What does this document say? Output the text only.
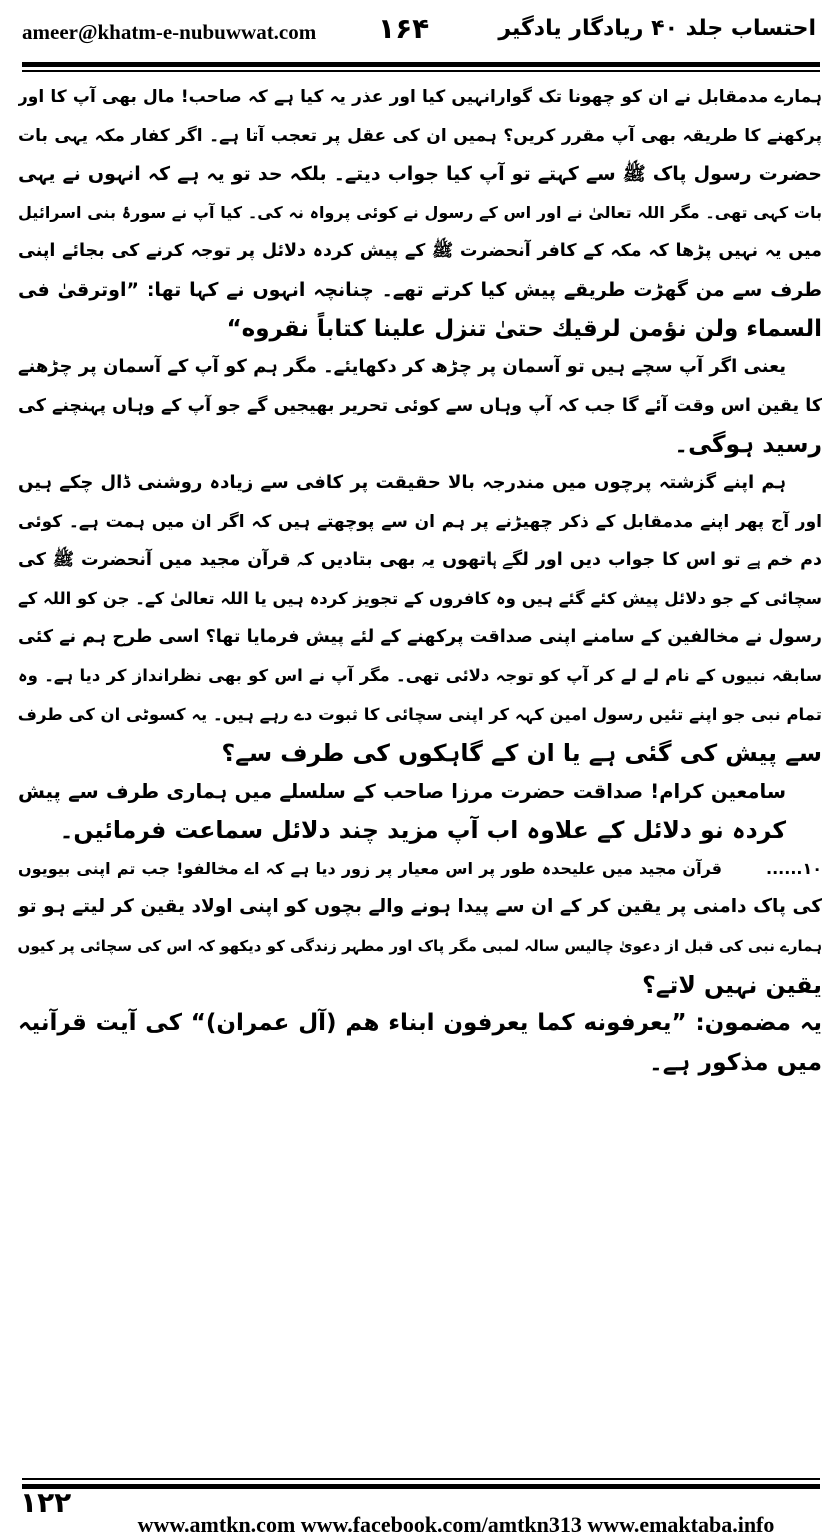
ameer@khatm-e-nubuwwat.com ۱۶۴	احتساب جلد ۴۰ ریادگار یادگیر
ہمارے مدمقابل نے ان کو چھونا تک گوارانہیں کیا اور عذر یہ کیا ہے کہ صاحب! مال بھی آپ کا اور
پرکھنے کا طریقہ بھی آپ مقرر کریں؟ ہمیں ان کی عقل پر تعجب آتا ہے۔ اگر کفار مکہ یہی بات
حضرت رسول پاک ﷺ سے کہتے تو آپ کیا جواب دیتے۔ بلکہ حد تو یہ ہے کہ انہوں نے یہی
بات کہی تھی۔ مگر اللہ تعالیٰ نے اور اس کے رسول نے کوئی پرواہ نہ کی۔ کیا آپ نے سورۂ بنی اسرائیل
میں یہ نہیں پڑھا کہ مکہ کے کافر آنحضرت ﷺ کے پیش کردہ دلائل پر توجہ کرنے کی بجائے اپنی
طرف سے من گھڑت طریقے پیش کیا کرتے تھے۔ چنانچہ انہوں نے کہا تھا: ”اوترقیٰ فی
السماء ولن نؤمن لرقیك حتیٰ تنزل علینا كتاباً نقروه“
یعنی اگر آپ سچے ہیں تو آسمان پر چڑھ کر دکھایئے۔ مگر ہم کو آپ کے آسمان پر چڑھنے
کا یقین اس وقت آئے گا جب کہ آپ وہاں سے کوئی تحریر بھیجیں گے جو آپ کے وہاں پہنچنے کی
رسید ہوگی۔
ہم اپنے گزشتہ پرچوں میں مندرجہ بالا حقیقت پر کافی سے زیادہ روشنی ڈال چکے ہیں
اور آج پھر اپنے مدمقابل کے ذکر چھیڑنے پر ہم ان سے پوچھتے ہیں کہ اگر ان میں ہمت ہے۔ کوئی
دم خم ہے تو اس کا جواب دیں اور لگے ہاتھوں یہ بھی بتادیں کہ قرآن مجید میں آنحضرت ﷺ کی
سچائی کے جو دلائل پیش کئے گئے ہیں وہ کافروں کے تجویز کردہ ہیں یا اللہ تعالیٰ کے۔ جن کو اللہ کے
رسول نے مخالفین کے سامنے اپنی صداقت پرکھنے کے لئے پیش فرمایا تھا؟ اسی طرح ہم نے کئی
سابقہ نبیوں کے نام لے لے کر آپ کو توجہ دلائی تھی۔ مگر آپ نے اس کو بھی نظرانداز کر دیا ہے۔ وہ
تمام نبی جو اپنے تئیں رسول امین کہہ کر اپنی سچائی کا ثبوت دے رہے ہیں۔ یہ کسوٹی ان کی طرف
سے پیش کی گئی ہے یا ان کے گاہکوں کی طرف سے؟
سامعین کرام! صداقت حضرت مرزا صاحب کے سلسلے میں ہماری طرف سے پیش
کردہ نو دلائل کے علاوہ اب آپ مزید چند دلائل سماعت فرمائیں۔
۱۰......قرآن مجید میں علیحدہ طور پر اس معیار پر زور دیا ہے کہ اے مخالفو! جب تم اپنی بیویوں
کی پاک دامنی پر یقین کر کے ان سے پیدا ہونے والے بچوں کو اپنی اولاد یقین کر لیتے ہو تو
ہمارے نبی کی قبل از دعویٰ چالیس سالہ لمبی مگر پاک اور مطہر زندگی کو دیکھو کہ اس کی سچائی پر کیوں
یقین نہیں لاتے؟
یہ مضمون: ”یعرفونه كما یعرفون ابناء هم (آل عمران)“ کی آیت قرآنیہ
میں مذکور ہے۔
۱۲۲
www.amtkn.com www.facebook.com/amtkn313 www.emaktaba.info
